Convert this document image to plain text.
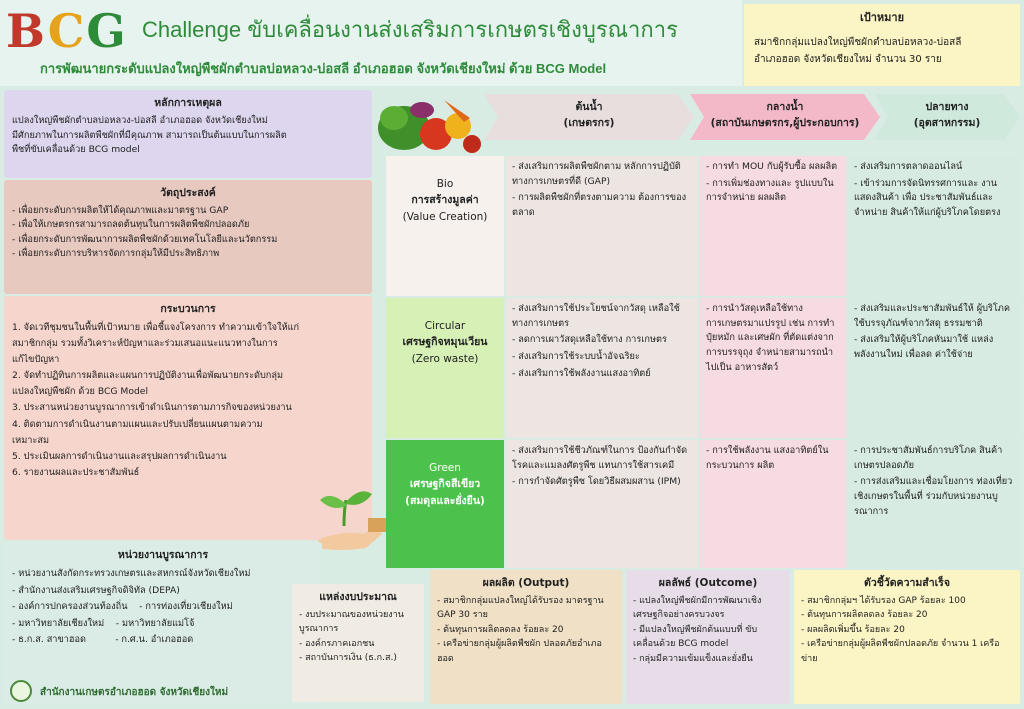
BCG Challenge ขับเคลื่อนงานส่งเสริมการเกษตรเชิงบูรณาการ
การพัฒนายกระดับแปลงใหญ่พืชผักตำบลบ่อหลวง-บ่อสลี อำเภอฮอด จังหวัดเชียงใหม่ ด้วย BCG Model
เป้าหมาย
สมาชิกกลุ่มแปลงใหญ่พืชผักตำบลบ่อหลวง-บ่อสลี
อำเภอฮอด จังหวัดเชียงใหม่ จำนวน 30 ราย
หลักการเหตุผล
แปลงใหญ่พืชผักตำบลบ่อหลวง-บ่อสลี อำเภอฮอด จังหวัดเชียงใหม่
มีศักยภาพในการผลิตพืชผักที่มีคุณภาพ สามารถเป็นต้นแบบในการผลิต
พืชที่ขับเคลื่อนด้วย BCG model
วัตถุประสงค์
- เพื่อยกระดับการผลิตให้ได้คุณภาพและมาตรฐาน GAP
- เพื่อให้เกษตรกรสามารถลดต้นทุนในการผลิตพืชผักปลอดภัย
- เพื่อยกระดับการพัฒนาการผลิตพืชผักด้วยเทคโนโลยีและนวัตกรรม
- เพื่อยกระดับการบริหารจัดการกลุ่มให้มีประสิทธิภาพ
กระบวนการ
1. จัดเวทีชุมชนในพื้นที่เป้าหมาย เพื่อชี้แจงโครงการ ทำความเข้าใจให้แก่
สมาชิกกลุ่ม รวมทั้งวิเคราะห์ปัญหาและร่วมเสนอแนะแนวทางในการ
แก้ไขปัญหา
2. จัดทำปฏิทินการผลิตและแผนการปฏิบัติงานเพื่อพัฒนายกระดับกลุ่ม
แปลงใหญ่พืชผัก ด้วย BCG Model
3. ประสานหน่วยงานบูรณาการเข้าดำเนินการตามภารกิจของหน่วยงาน
4. ติดตามการดำเนินงานตามแผนและปรับเปลี่ยนแผนตามความ
เหมาะสม
5. ประเมินผลการดำเนินงานและสรุปผลการดำเนินงาน
6. รายงานผลและประชาสัมพันธ์
หน่วยงานบูรณาการ
- หน่วยงานสังกัดกระทรวงเกษตรและสหกรณ์จังหวัดเชียงใหม่
- สำนักงานส่งเสริมเศรษฐกิจดิจิทัล (DEPA)
- องค์การปกครองส่วนท้องถิ่น    - การท่องเที่ยวเชียงใหม่
- มหาวิทยาลัยเชียงใหม่    - มหาวิทยาลัยแม่โจ้
- ธ.ก.ส. สาขาฮอด          - ก.ศ.น. อำเภอฮอด
สำนักงานเกษตรอำเภอฮอด จังหวัดเชียงใหม่
แหล่งงบประมาณ
- งบประมาณของหน่วยงาน
บูรณาการ
- องค์กรภาคเอกชน
- สถาบันการเงิน (ธ.ก.ส.)
ต้นน้ำ
(เกษตรกร)
กลางน้ำ
(สถาบันเกษตรกร,ผู้ประกอบการ)
ปลายทาง
(อุตสาหกรรม)
Bio
การสร้างมูลค่า
(Value Creation)

- ส่งเสริมการผลิตพืชผักตาม หลักการปฏิบัติทางการเกษตรที่ดี (GAP)

- การผลิตพืชผักที่ตรงตามความ ต้องการของตลาด

- การทำ MOU กับผู้รับซื้อ ผลผลิต

- การเพิ่มช่องทางและ รูปแบบในการจำหน่าย ผลผลิต

- ส่งเสริมการตลาดออนไลน์

- เข้าร่วมการจัดนิทรรศการและ งานแสดงสินค้า เพื่อ ประชาสัมพันธ์และจำหน่าย สินค้าให้แก่ผู้บริโภคโดยตรง

Circular
เศรษฐกิจหมุนเวียน
(Zero waste)

- ส่งเสริมการใช้ประโยชน์จากวัสดุ เหลือใช้ทางการเกษตร

- ลดการเผาวัสดุเหลือใช้ทาง การเกษตร

- ส่งเสริมการใช้ระบบน้ำอัจฉริยะ

- ส่งเสริมการใช้พลังงานแสงอาทิตย์

- การนำวัสดุเหลือใช้ทาง การเกษตรมาแปรรูป เช่น การทำปุ๋ยหมัก และเศษผัก ที่ตัดแต่งจากการบรรจุถุง จำหน่ายสามารถนำไปเป็น อาหารสัตว์

- ส่งเสริมและประชาสัมพันธ์ให้ ผู้บริโภคใช้บรรจุภัณฑ์จากวัสดุ ธรรมชาติ

- ส่งเสริมให้ผู้บริโภคหันมาใช้ แหล่งพลังงานใหม่ เพื่อลด ค่าใช้จ่าย

Green
เศรษฐกิจสีเขียว
(สมดุลและยั่งยืน)

- ส่งเสริมการใช้ชีวภัณฑ์ในการ ป้องกันกำจัดโรคและแมลงศัตรูพืช แทนการใช้สารเคมี

- การกำจัดศัตรูพืช โดยวิธีผสมผสาน (IPM)

- การใช้พลังงาน แสงอาทิตย์ในกระบวนการ ผลิต

- การประชาสัมพันธ์การบริโภค สินค้าเกษตรปลอดภัย

- การส่งเสริมและเชื่อมโยงการ ท่องเที่ยวเชิงเกษตรในพื้นที่ ร่วมกับหน่วยงานบูรณาการ

ผลผลิต (Output)
- สมาชิกกลุ่มแปลงใหญ่ได้รับรอง มาตรฐาน GAP 30 ราย
- ต้นทุนการผลิตลดลง ร้อยละ 20
- เครือข่ายกลุ่มผู้ผลิตพืชผัก ปลอดภัยอำเภอฮอด
ผลลัพธ์ (Outcome)
- แปลงใหญ่พืชผักมีการพัฒนาเชิง เศรษฐกิจอย่างครบวงจร
- มีแปลงใหญ่พืชผักต้นแบบที่ ขับเคลื่อนด้วย BCG model
- กลุ่มมีความเข้มแข็งและยั่งยืน
ตัวชี้วัดความสำเร็จ
- สมาชิกกลุ่มฯ ได้รับรอง GAP ร้อยละ 100
- ต้นทุนการผลิตลดลง ร้อยละ 20
- ผลผลิตเพิ่มขึ้น ร้อยละ 20
- เครือข่ายกลุ่มผู้ผลิตพืชผักปลอดภัย จำนวน 1 เครือข่าย
